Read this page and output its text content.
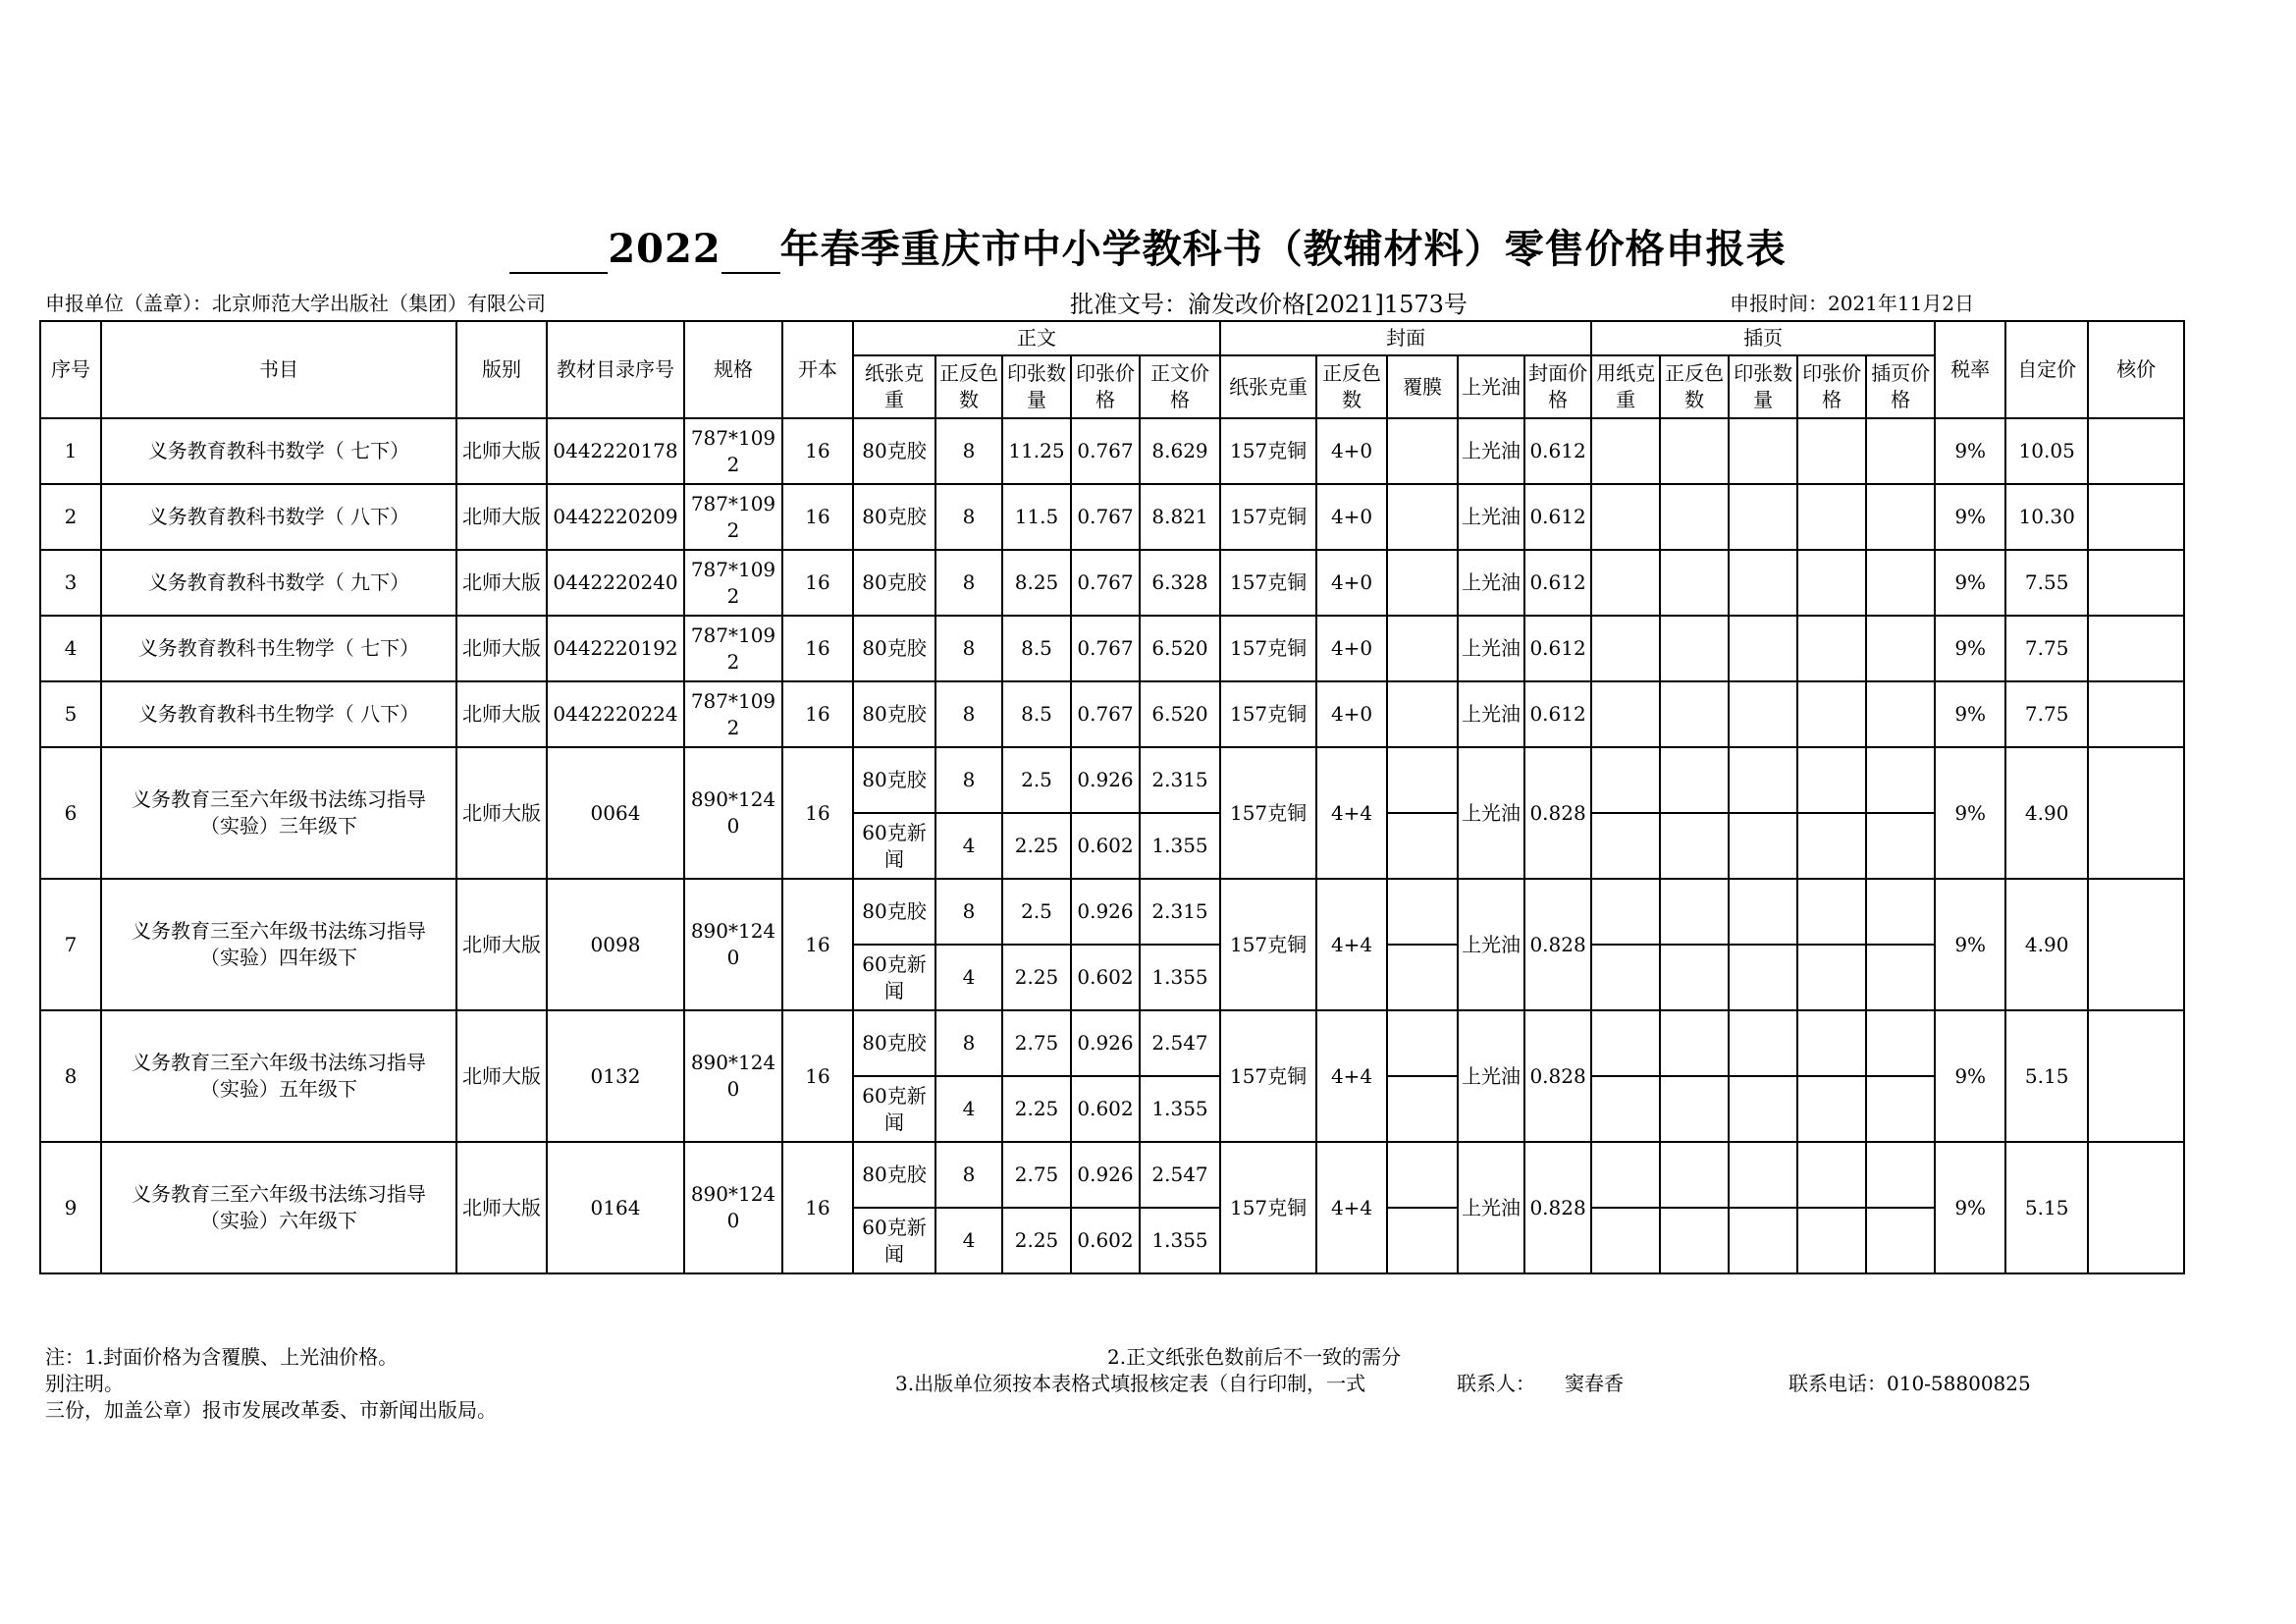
2022 年春季重庆市中小学教科书（教辅材料）零售价格申报表
申报单位（盖章）：北京师范大学出版社（集团）有限公司	批准文号：渝发改价格[2021]1573号	申报时间：2021年11月2日
序号	书目	版别	教材目录序号	规格	开本	正文					封面					插页					税率	自定价	核价
						纸张克重	正反色数	印张数量	印张价格	正文价格	纸张克重	正反色数	覆膜	上光油	封面价格	用纸克重	正反色数	印张数量	印张价格	插页价格			
1	义务教育教科书数学（ 七下）	北师大版	0442220178	787*1092	16	80克胶	8	11.25	0.767	8.629	157克铜	4+0		上光油	0.612						9%	10.05	
2	义务教育教科书数学（ 八下）	北师大版	0442220209	787*1092	16	80克胶	8	11.5	0.767	8.821	157克铜	4+0		上光油	0.612						9%	10.30	
3	义务教育教科书数学（ 九下）	北师大版	0442220240	787*1092	16	80克胶	8	8.25	0.767	6.328	157克铜	4+0		上光油	0.612						9%	7.55	
4	义务教育教科书生物学（ 七下）	北师大版	0442220192	787*1092	16	80克胶	8	8.5	0.767	6.520	157克铜	4+0		上光油	0.612						9%	7.75	
5	义务教育教科书生物学（ 八下）	北师大版	0442220224	787*1092	16	80克胶	8	8.5	0.767	6.520	157克铜	4+0		上光油	0.612						9%	7.75	
6	义务教育三至六年级书法练习指导（实验）三年级下	北师大版	0064	890*1240	16	80克胶	8	2.5	0.926	2.315	157克铜	4+4		上光油	0.828						9%	4.90	
						60克新闻	4	2.25	0.602	1.355													
7	义务教育三至六年级书法练习指导（实验）四年级下	北师大版	0098	890*1240	16	80克胶	8	2.5	0.926	2.315	157克铜	4+4		上光油	0.828						9%	4.90	
						60克新闻	4	2.25	0.602	1.355													
8	义务教育三至六年级书法练习指导（实验）五年级下	北师大版	0132	890*1240	16	80克胶	8	2.75	0.926	2.547	157克铜	4+4		上光油	0.828						9%	5.15	
						60克新闻	4	2.25	0.602	1.355													
9	义务教育三至六年级书法练习指导（实验）六年级下	北师大版	0164	890*1240	16	80克胶	8	2.75	0.926	2.547	157克铜	4+4		上光油	0.828						9%	5.15	
						60克新闻	4	2.25	0.602	1.355													
注：1.封面价格为含覆膜、上光油价格。	2.正文纸张色数前后不一致的需分
别注明。	3.出版单位须按本表格式填报核定表（自行印制，一式	联系人： 窦春香	联系电话：010-58800825
三份，加盖公章）报市发展改革委、市新闻出版局。
